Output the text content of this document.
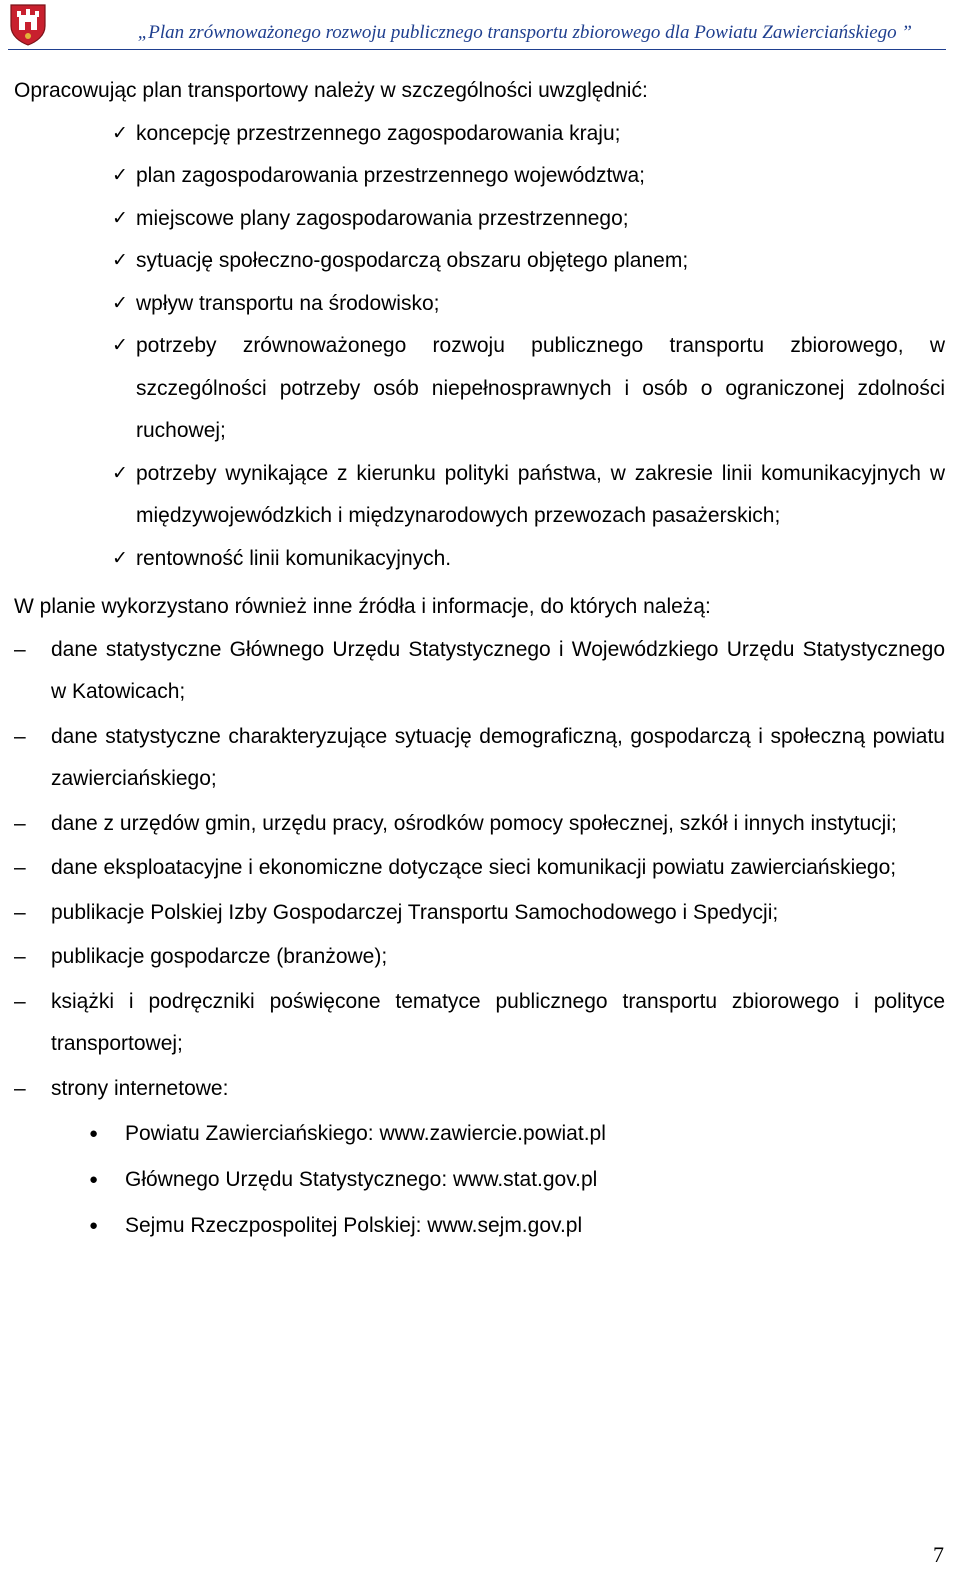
„Plan zrównoważonego rozwoju publicznego transportu zbiorowego dla Powiatu Zawierciańskiego ”

Opracowując plan transportowy należy w szczególności uwzględnić:

✓ koncepcję przestrzennego zagospodarowania kraju;
✓ plan zagospodarowania przestrzennego województwa;
✓ miejscowe plany zagospodarowania przestrzennego;
✓ sytuację społeczno-gospodarczą obszaru objętego planem;
✓ wpływ transportu na środowisko;
✓ potrzeby zrównoważonego rozwoju publicznego transportu zbiorowego, w szczególności potrzeby osób niepełnosprawnych i osób o ograniczonej zdolności ruchowej;
✓ potrzeby wynikające z kierunku polityki państwa, w zakresie linii komunikacyjnych w międzywojewódzkich i międzynarodowych przewozach pasażerskich;
✓ rentowność linii komunikacyjnych.

W planie wykorzystano również inne źródła i informacje, do których należą:

– dane statystyczne Głównego Urzędu Statystycznego i Wojewódzkiego Urzędu Statystycznego w Katowicach;
– dane statystyczne charakteryzujące sytuację demograficzną, gospodarczą i społeczną powiatu zawierciańskiego;
– dane z urzędów gmin, urzędu pracy, ośrodków pomocy społecznej, szkół i innych instytucji;
– dane eksploatacyjne i ekonomiczne dotyczące sieci komunikacji powiatu zawierciańskiego;
– publikacje Polskiej Izby Gospodarczej Transportu Samochodowego i Spedycji;
– publikacje gospodarcze (branżowe);
– książki i podręczniki poświęcone tematyce publicznego transportu zbiorowego i polityce transportowej;
– strony internetowe:
● Powiatu Zawierciańskiego: www.zawiercie.powiat.pl
● Głównego Urzędu Statystycznego: www.stat.gov.pl
● Sejmu Rzeczpospolitej Polskiej: www.sejm.gov.pl
7
